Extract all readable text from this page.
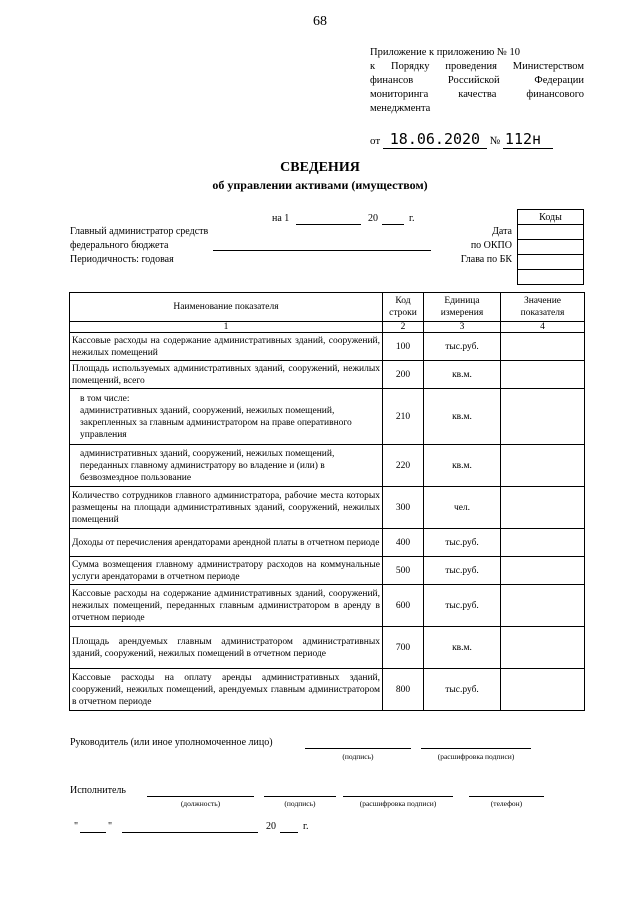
68
Приложение к приложению № 10
к Порядку проведения Министерством
финансов Российской Федерации
мониторинга качества финансового
менеджмента
от 18.06.2020 № 112н
СВЕДЕНИЯ
об управлении активами (имуществом)
на 1	20	г.
Главный администратор средств
федерального бюджета
Периодичность: годовая
Дата
по ОКПО
Глава по БК
Коды

Наименование показателя	Код строки	Единица измерения	Значение показателя
1	2	3	4
Кассовые расходы на содержание административных зданий, сооружений, нежилых помещений	100	тыс.руб.	
Площадь используемых административных зданий, сооружений, нежилых помещений, всего	200	кв.м.	
в том числе:
административных зданий, сооружений, нежилых помещений, закрепленных за главным администратором на праве оперативного управления	210	кв.м.	
административных зданий, сооружений, нежилых помещений, переданных главному администратору во владение и (или) в безвозмездное пользование	220	кв.м.	
Количество сотрудников главного администратора, рабочие места которых размещены на площади административных зданий, сооружений, нежилых помещений	300	чел.	
Доходы от перечисления арендаторами арендной платы в отчетном периоде	400	тыс.руб.	
Сумма возмещения главному администратору расходов на коммунальные услуги арендаторами в отчетном периоде	500	тыс.руб.	
Кассовые расходы на содержание административных зданий, сооружений, нежилых помещений, переданных главным администратором в аренду в отчетном периоде	600	тыс.руб.	
Площадь арендуемых главным администратором административных зданий, сооружений, нежилых помещений в отчетном периоде	700	кв.м.	
Кассовые расходы на оплату аренды административных зданий, сооружений, нежилых помещений, арендуемых главным администратором в отчетном периоде	800	тыс.руб.	
Руководитель (или иное уполномоченное лицо)
(подпись)	(расшифровка подписи)
Исполнитель
(должность)	(подпись)	(расшифровка подписи)	(телефон)
"	"	20	г.
